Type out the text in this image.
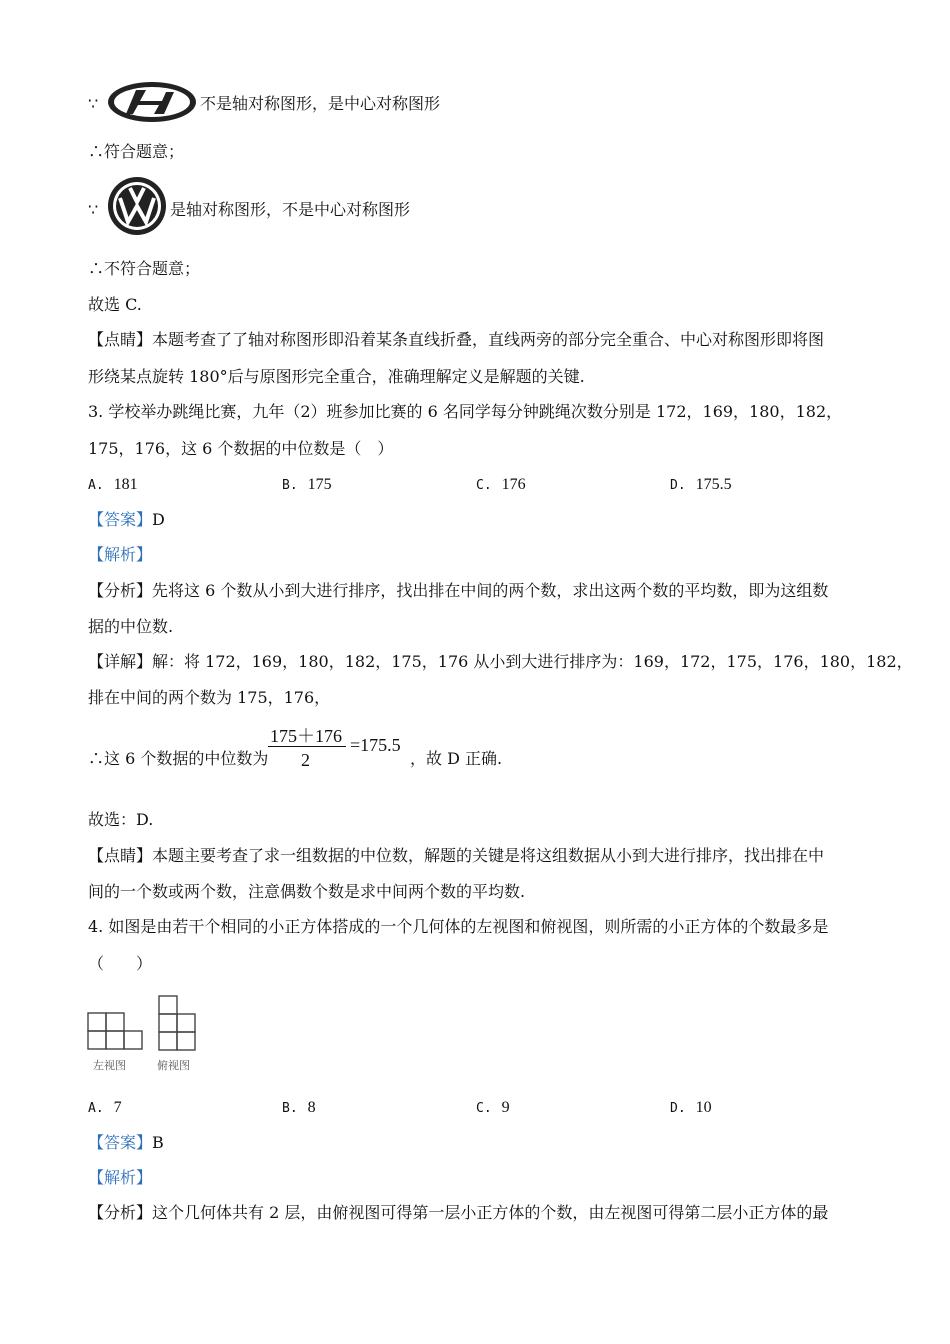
∵	不是轴对称图形，是中心对称图形
∴符合题意；
∵	是轴对称图形，不是中心对称图形
∴不符合题意；
故选 C.
【点睛】本题考查了了轴对称图形即沿着某条直线折叠，直线两旁的部分完全重合、中心对称图形即将图
形绕某点旋转 180°后与原图形完全重合，准确理解定义是解题的关键.
3. 学校举办跳绳比赛，九年（2）班参加比赛的 6 名同学每分钟跳绳次数分别是 172，169，180，182，
175，176，这 6 个数据的中位数是（　）
A. 181	B. 175	C. 176	D. 175.5
【答案】D
【解析】
【分析】先将这 6 个数从小到大进行排序，找出排在中间的两个数，求出这两个数的平均数，即为这组数
据的中位数.
【详解】解：将 172，169，180，182，175，176 从小到大进行排序为：169，172，175，176，180，182，
排在中间的两个数为 175，176，
∴这 6 个数据的中位数为
175＋176
2
=175.5
，故 D 正确.
故选：D.
【点睛】本题主要考查了求一组数据的中位数，解题的关键是将这组数据从小到大进行排序，找出排在中
间的一个数或两个数，注意偶数个数是求中间两个数的平均数.
4. 如图是由若干个相同的小正方体搭成的一个几何体的左视图和俯视图，则所需的小正方体的个数最多是
（　　）
左视图	俯视图
A. 7	B. 8	C. 9	D. 10
【答案】B
【解析】
【分析】这个几何体共有 2 层，由俯视图可得第一层小正方体的个数，由左视图可得第二层小正方体的最
